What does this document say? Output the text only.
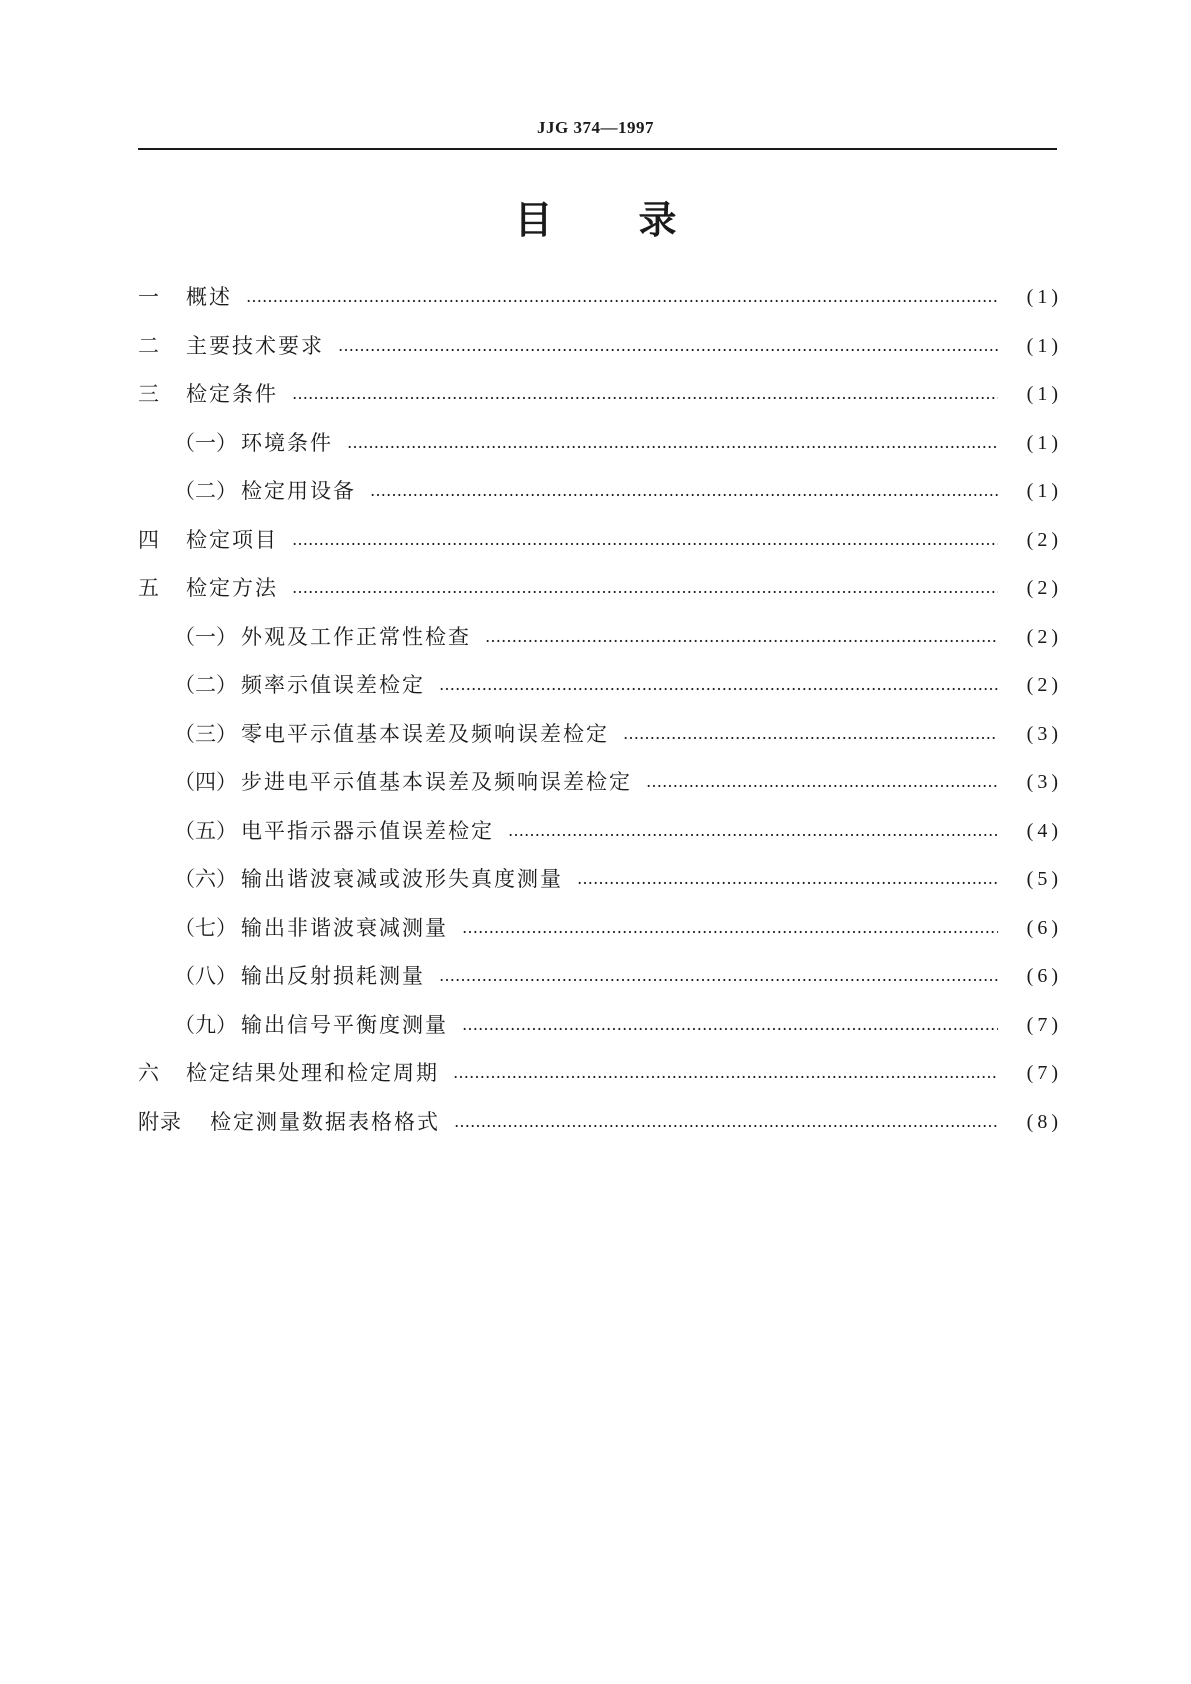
JJG 374—1997
目 录
一	概述 ………………………………………………………………………………………………………………………………………………………………	( 1 )
二	主要技术要求 ………………………………………………………………………………………………………………………………………………………………	( 1 )
三	检定条件 ………………………………………………………………………………………………………………………………………………………………	( 1 )
（一） 环境条件 ………………………………………………………………………………………………………………………………………………………………	( 1 )
（二） 检定用设备 ………………………………………………………………………………………………………………………………………………………………	( 1 )
四	检定项目 ………………………………………………………………………………………………………………………………………………………………	( 2 )
五	检定方法 ………………………………………………………………………………………………………………………………………………………………	( 2 )
（一） 外观及工作正常性检查 ………………………………………………………………………………………………………………………………………………………………	( 2 )
（二） 频率示值误差检定 ………………………………………………………………………………………………………………………………………………………………	( 2 )
（三） 零电平示值基本误差及频响误差检定 ………………………………………………………………………………………………………………………………………………………………	( 3 )
（四） 步进电平示值基本误差及频响误差检定 ………………………………………………………………………………………………………………………………………………………………	( 3 )
（五） 电平指示器示值误差检定 ………………………………………………………………………………………………………………………………………………………………	( 4 )
（六） 输出谐波衰减或波形失真度测量 ………………………………………………………………………………………………………………………………………………………………	( 5 )
（七） 输出非谐波衰减测量 ………………………………………………………………………………………………………………………………………………………………	( 6 )
（八） 输出反射损耗测量 ………………………………………………………………………………………………………………………………………………………………	( 6 )
（九） 输出信号平衡度测量 ………………………………………………………………………………………………………………………………………………………………	( 7 )
六	检定结果处理和检定周期 ………………………………………………………………………………………………………………………………………………………………	( 7 )
附录	检定测量数据表格格式 ………………………………………………………………………………………………………………………………………………………………	( 8 )
